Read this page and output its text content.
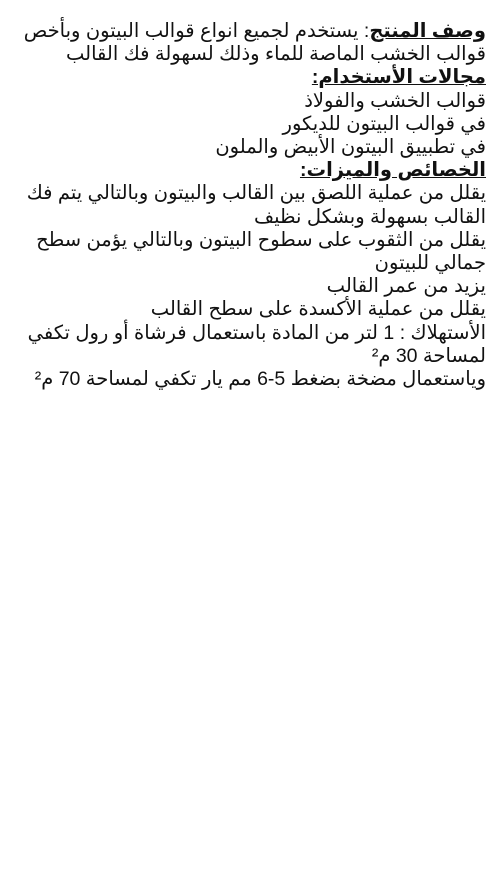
وصف المنتج: يستخدم لجميع انواع قوالب البيتون وبأخص قوالب الخشب الماصة للماء وذلك لسهولة فك القالب
مجالات الأستخدام:
قوالب الخشب والفولاذ
في قوالب البيتون للديكور
في تطبييق البيتون الأبيض والملون
الخصائص والميزات:
يقلل من عملية اللصق بين القالب والبيتون وبالتالي يتم فك القالب بسهولة وبشكل نظيف
يقلل من الثقوب على سطوح البيتون وبالتالي يؤمن سطح جمالي للبيتون
يزيد من عمر القالب
يقلل من عملية الأكسدة على سطح القالب
الأستهلاك : 1 لتر من المادة باستعمال فرشاة أو رول تكفي لمساحة 30 م²
وياستعمال مضخة بضغط 5-6 مم يار تكفي لمساحة 70 م²
